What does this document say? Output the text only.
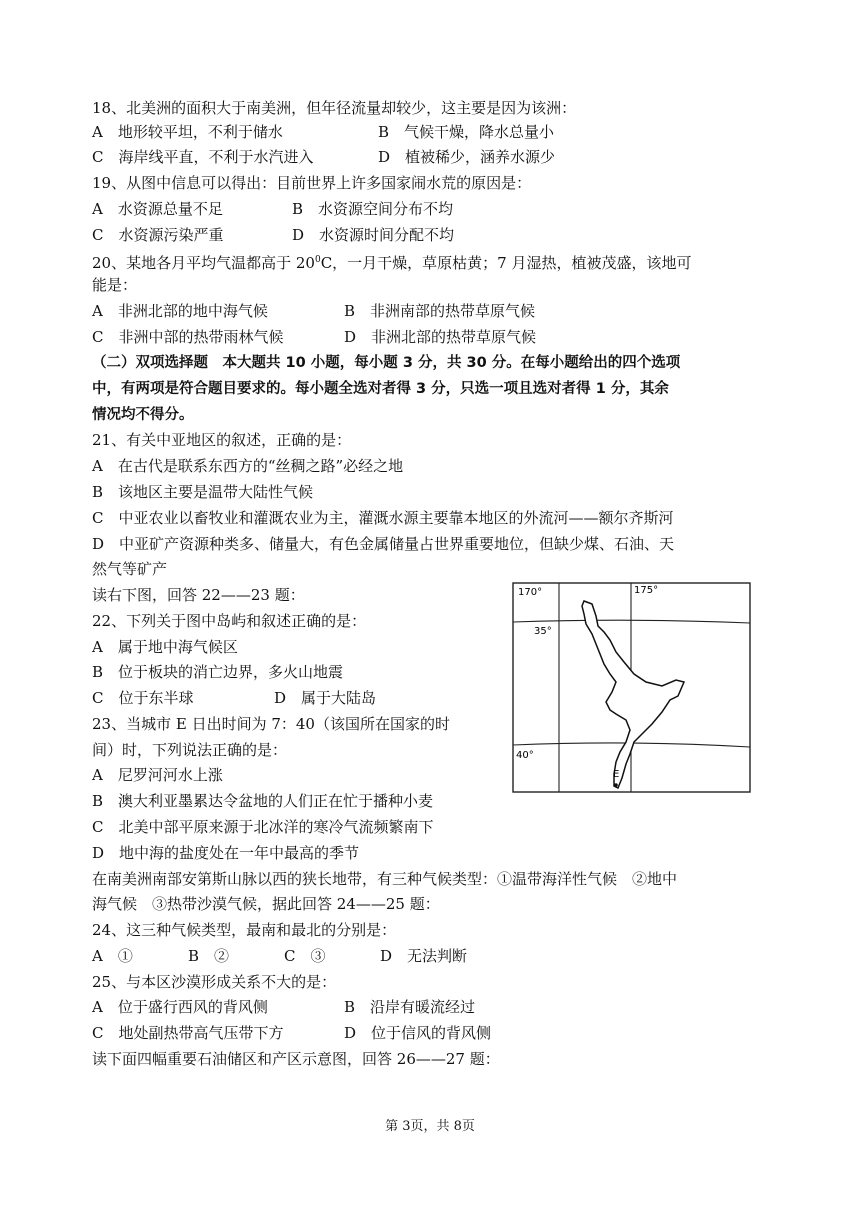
18、北美洲的面积大于南美洲，但年径流量却较少，这主要是因为该洲：
A　地形较平坦，不利于储水	B　气候干燥，降水总量小
C　海岸线平直，不利于水汽进入	D　植被稀少，涵养水源少
19、从图中信息可以得出：目前世界上许多国家闹水荒的原因是：
A　水资源总量不足	B　水资源空间分布不均
C　水资源污染严重	D　水资源时间分配不均
20、某地各月平均气温都高于 $20^0C$，一月干燥，草原枯黄；7 月湿热，植被茂盛，该地可
能是：
A　非洲北部的地中海气候	B　非洲南部的热带草原气候
C　非洲中部的热带雨林气候	D　非洲北部的热带草原气候
（二）双项选择题　本大题共 10 小题，每小题 3 分，共 30 分。在每小题给出的四个选项
中，有两项是符合题目要求的。每小题全选对者得 3 分，只选一项且选对者得 1 分，其余
情况均不得分。
21、有关中亚地区的叙述，正确的是：
A　在古代是联系东西方的“丝稠之路”必经之地
B　该地区主要是温带大陆性气候
C　中亚农业以畜牧业和灌溉农业为主，灌溉水源主要靠本地区的外流河——额尔齐斯河
D　中亚矿产资源种类多、储量大，有色金属储量占世界重要地位，但缺少煤、石油、天
然气等矿产
读右下图，回答 22——23 题：
22、下列关于图中岛屿和叙述正确的是：
A　属于地中海气候区
B　位于板块的消亡边界，多火山地震
C　位于东半球	D　属于大陆岛
23、当城市 E 日出时间为 7：40（该国所在国家的时
间）时，下列说法正确的是：
A　尼罗河河水上涨
B　澳大利亚墨累达令盆地的人们正在忙于播种小麦
C　北美中部平原来源于北冰洋的寒冷气流频繁南下
D　地中海的盐度处在一年中最高的季节
170°	175°
35°
40°
E
在南美洲南部安第斯山脉以西的狭长地带，有三种气候类型：①温带海洋性气候　②地中
海气候　③热带沙漠气候，据此回答 24——25 题：
24、这三种气候类型，最南和最北的分别是：
A　①	B　②	C　③	D　无法判断
25、与本区沙漠形成关系不大的是：
A　位于盛行西风的背风侧	B　沿岸有暖流经过
C　地处副热带高气压带下方	D　位于信风的背风侧
读下面四幅重要石油储区和产区示意图，回答 26——27 题：
第 3页，共 8页
